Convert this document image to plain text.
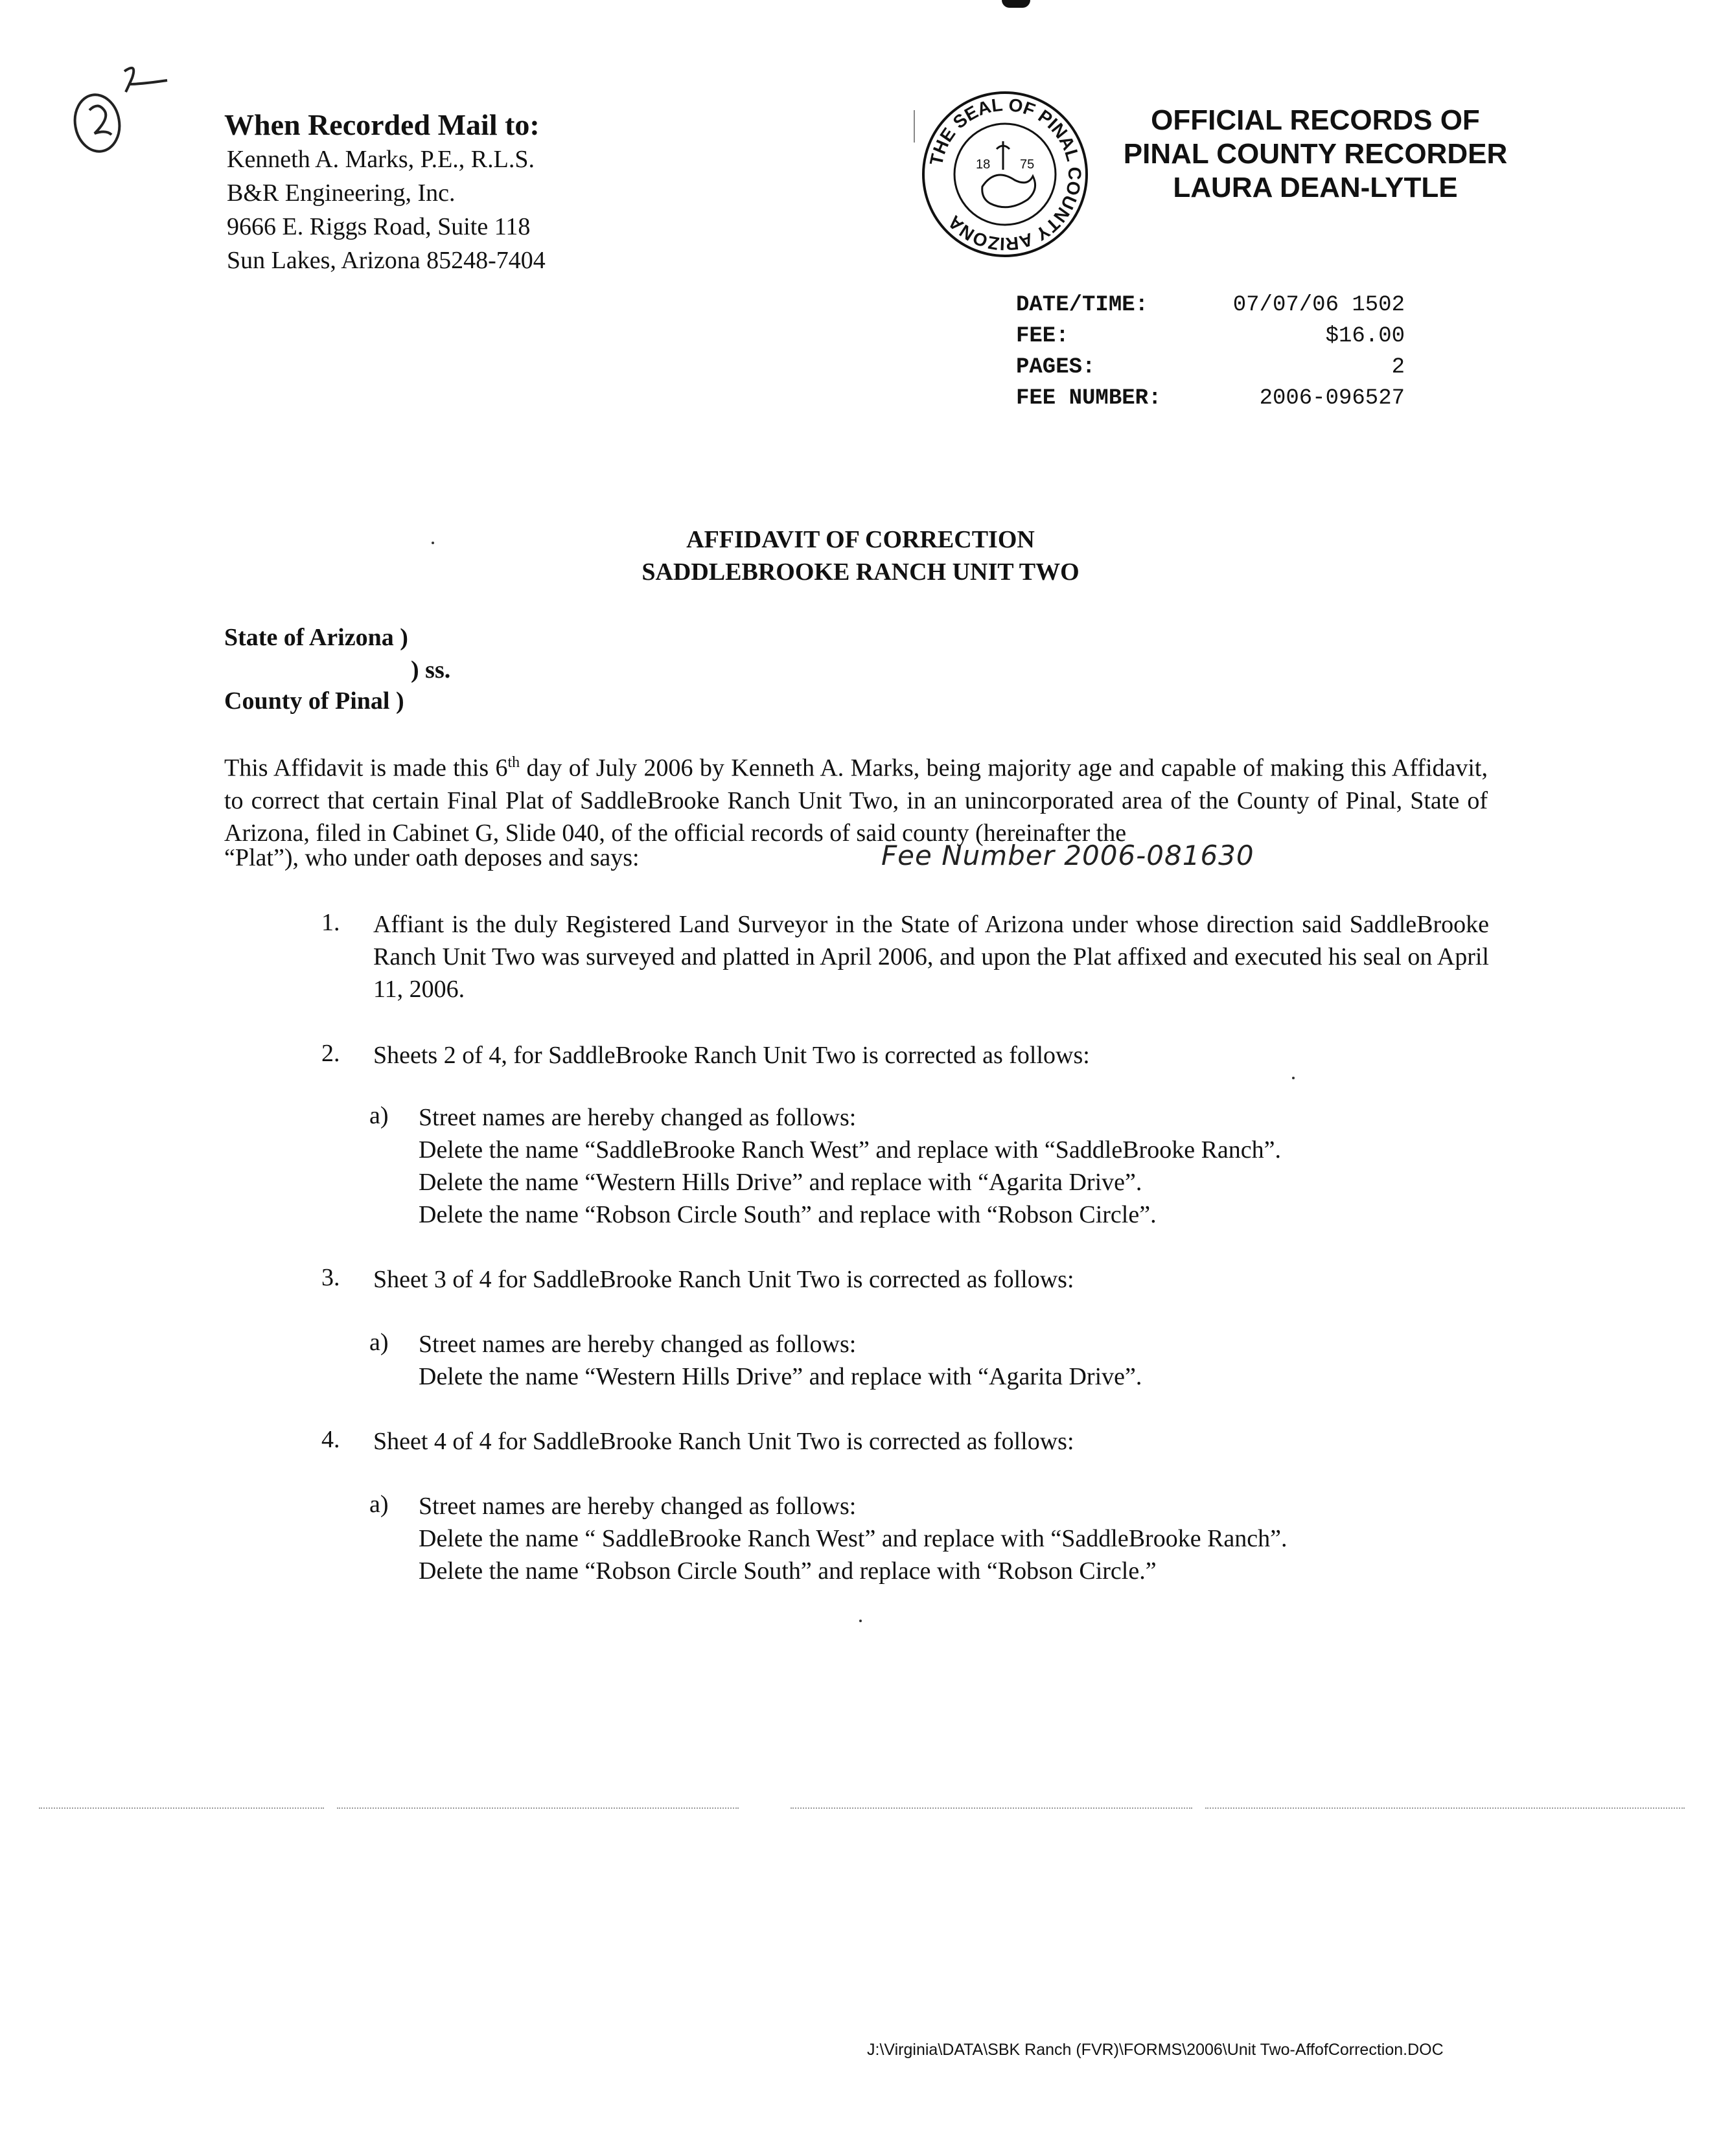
When Recorded Mail to:
Kenneth A. Marks, P.E., R.L.S.
B&R Engineering, Inc.
9666 E. Riggs Road, Suite 118
Sun Lakes, Arizona 85248-7404
THE SEAL OF PINAL COUNTY ARIZONA
18 75
OFFICIAL RECORDS OF
PINAL COUNTY RECORDER
LAURA DEAN-LYTLE
DATE/TIME:	07/07/06 1502
FEE:	$16.00
PAGES:	2
FEE NUMBER:	2006-096527
AFFIDAVIT OF CORRECTION
SADDLEBROOKE RANCH UNIT TWO
State of Arizona )
) ss.
County of Pinal )
This Affidavit is made this 6th day of July 2006 by Kenneth A. Marks, being majority age and capable of making this Affidavit, to correct that certain Final Plat of SaddleBrooke Ranch Unit Two, in an unincorporated area of the County of Pinal, State of Arizona, filed in Cabinet G, Slide 040, of the official records of said county (hereinafter the
“Plat”), who under oath deposes and says:	Fee Number 2006-081630
1. Affiant is the duly Registered Land Surveyor in the State of Arizona under whose direction said SaddleBrooke Ranch Unit Two was surveyed and platted in April 2006, and upon the Plat affixed and executed his seal on April 11, 2006.
2. Sheets 2 of 4, for SaddleBrooke Ranch Unit Two is corrected as follows:
a) Street names are hereby changed as follows:
Delete the name “SaddleBrooke Ranch West” and replace with “SaddleBrooke Ranch”.
Delete the name “Western Hills Drive” and replace with “Agarita Drive”.
Delete the name “Robson Circle South” and replace with “Robson Circle”.
3. Sheet 3 of 4 for SaddleBrooke Ranch Unit Two is corrected as follows:
a) Street names are hereby changed as follows:
Delete the name “Western Hills Drive” and replace with “Agarita Drive”.
4. Sheet 4 of 4 for SaddleBrooke Ranch Unit Two is corrected as follows:
a) Street names are hereby changed as follows:
Delete the name “ SaddleBrooke Ranch West” and replace with “SaddleBrooke Ranch”.
Delete the name “Robson Circle South” and replace with “Robson Circle.”
J:\Virginia\DATA\SBK Ranch (FVR)\FORMS\2006\Unit Two-AffofCorrection.DOC
